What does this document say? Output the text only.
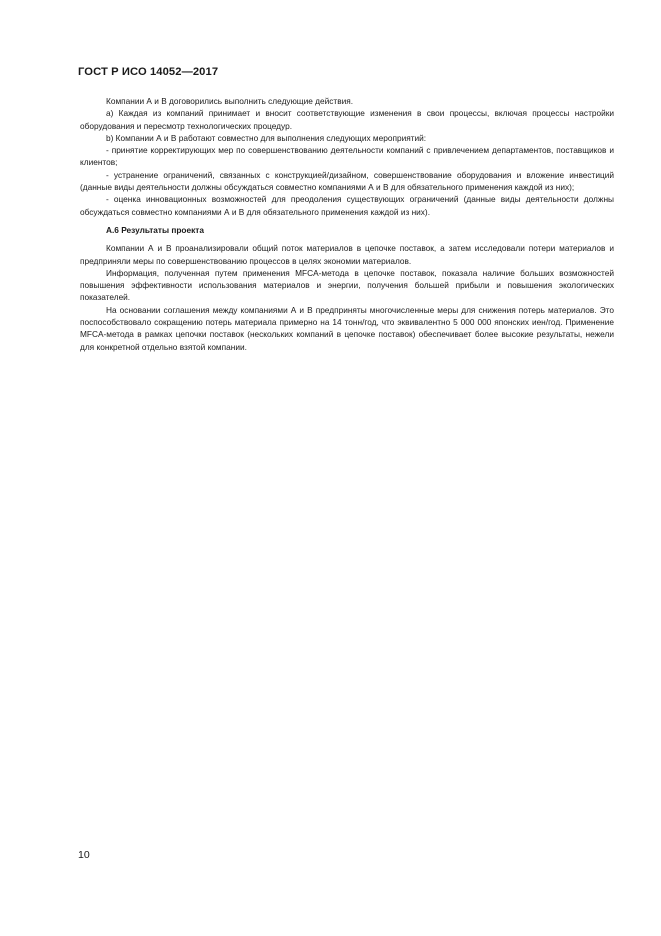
ГОСТ Р ИСО 14052—2017

Компании А и В договорились выполнить следующие действия.

а) Каждая из компаний принимает и вносит соответствующие изменения в свои процессы, включая процессы настройки оборудования и пересмотр технологических процедур.

b) Компании А и В работают совместно для выполнения следующих мероприятий:

- принятие корректирующих мер по совершенствованию деятельности компаний с привлечением департаментов, поставщиков и клиентов;

- устранение ограничений, связанных с конструкцией/дизайном, совершенствование оборудования и вложение инвестиций (данные виды деятельности должны обсуждаться совместно компаниями А и В для обязательного применения каждой из них);

- оценка инновационных возможностей для преодоления существующих ограничений (данные виды деятельности должны обсуждаться совместно компаниями А и В для обязательного применения каждой из них).

А.6 Результаты проекта

Компании А и В проанализировали общий поток материалов в цепочке поставок, а затем исследовали потери материалов и предприняли меры по совершенствованию процессов в целях экономии материалов.

Информация, полученная путем применения MFCA-метода в цепочке поставок, показала наличие больших возможностей повышения эффективности использования материалов и энергии, получения большей прибыли и повышения экологических показателей.

На основании соглашения между компаниями А и В предприняты многочисленные меры для снижения потерь материалов. Это поспособствовало сокращению потерь материала примерно на 14 тонн/год, что эквивалентно 5 000 000 японских иен/год. Применение MFCA-метода в рамках цепочки поставок (нескольких компаний в цепочке поставок) обеспечивает более высокие результаты, нежели для конкретной отдельно взятой компании.

10
